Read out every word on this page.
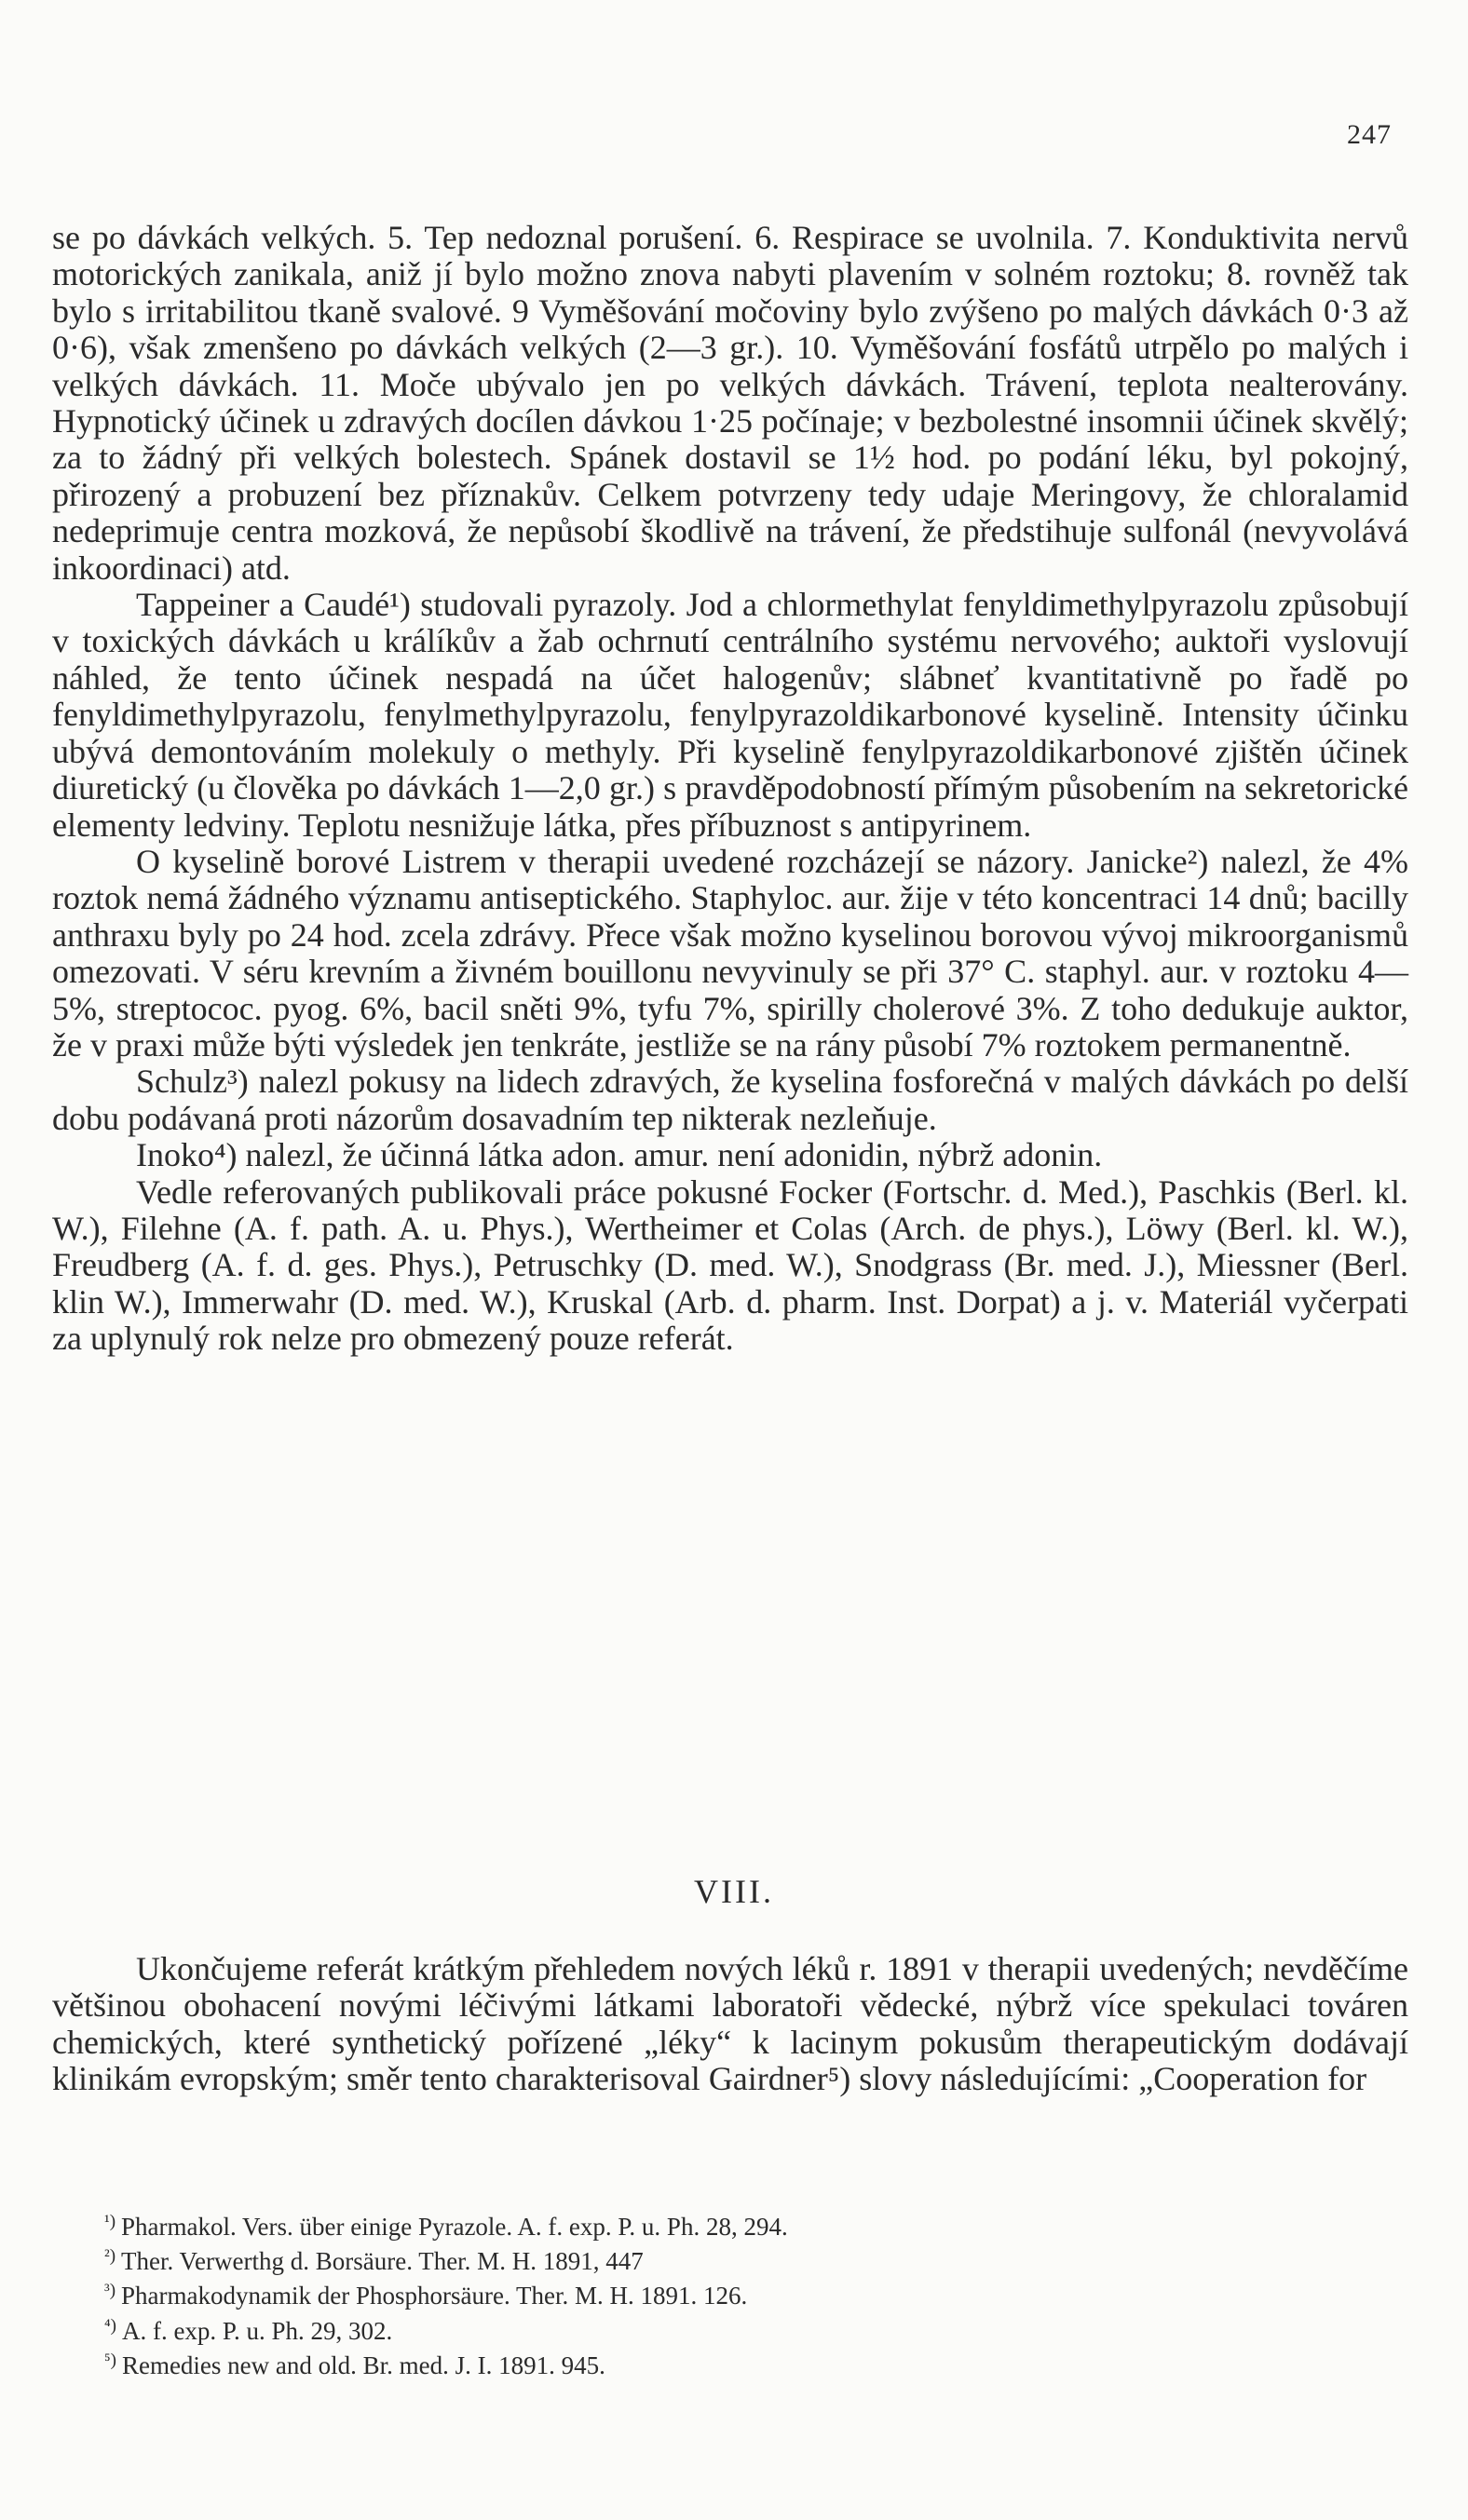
247

se po dávkách velkých. 5. Tep nedoznal porušení. 6. Respirace se uvolnila. 7. Konduktivita nervů motorických zanikala, aniž jí bylo možno znova nabyti plavením v solném roztoku; 8. rovněž tak bylo s irritabilitou tkaně svalové. 9 Vyměšování močoviny bylo zvýšeno po malých dávkách 0·3 až 0·6), však zmenšeno po dávkách velkých (2—3 gr.). 10. Vyměšování fosfátů utrpělo po malých i velkých dávkách. 11. Moče ubývalo jen po velkých dávkách. Trávení, teplota nealterovány. Hypnotický účinek u zdravých docílen dávkou 1·25 počínaje; v bezbolestné insomnii účinek skvělý; za to žádný při velkých bolestech. Spánek dostavil se 1½ hod. po podání léku, byl pokojný, přirozený a probuzení bez příznakův. Celkem potvrzeny tedy udaje Meringovy, že chloralamid nedeprimuje centra mozková, že nepůsobí škodlivě na trávení, že předstihuje sulfonál (nevyvolává inkoordinaci) atd.

Tappeiner a Caudé¹) studovali pyrazoly. Jod a chlormethylat fenyldimethylpyrazolu způsobují v toxických dávkách u králíkův a žab ochrnutí centrálního systému nervového; auktoři vyslovují náhled, že tento účinek nespadá na účet halogenův; slábneť kvantitativně po řadě po fenyldimethylpyrazolu, fenylmethylpyrazolu, fenylpyrazoldikarbonové kyselině. Intensity účinku ubývá demontováním molekuly o methyly. Při kyselině fenylpyrazoldikarbonové zjištěn účinek diuretický (u člověka po dávkách 1—2,0 gr.) s pravděpodobností přímým působením na sekretorické elementy ledviny. Teplotu nesnižuje látka, přes příbuznost s antipyrinem.

O kyselině borové Listrem v therapii uvedené rozcházejí se názory. Janicke²) nalezl, že 4% roztok nemá žádného významu antiseptického. Staphyloc. aur. žije v této koncentraci 14 dnů; bacilly anthraxu byly po 24 hod. zcela zdrávy. Přece však možno kyselinou borovou vývoj mikroorganismů omezovati. V séru krevním a živném bouillonu nevyvinuly se při 37° C. staphyl. aur. v roztoku 4—5%, streptococ. pyog. 6%, bacil sněti 9%, tyfu 7%, spirilly cholerové 3%. Z toho dedukuje auktor, že v praxi může býti výsledek jen tenkráte, jestliže se na rány působí 7% roztokem permanentně.

Schulz³) nalezl pokusy na lidech zdravých, že kyselina fosforečná v malých dávkách po delší dobu podávaná proti názorům dosavadním tep nikterak nezleňuje.

Inoko⁴) nalezl, že účinná látka adon. amur. není adonidin, nýbrž adonin.

Vedle referovaných publikovali práce pokusné Focker (Fortschr. d. Med.), Paschkis (Berl. kl. W.), Filehne (A. f. path. A. u. Phys.), Wertheimer et Colas (Arch. de phys.), Löwy (Berl. kl. W.), Freudberg (A. f. d. ges. Phys.), Petruschky (D. med. W.), Snodgrass (Br. med. J.), Miessner (Berl. klin W.), Immerwahr (D. med. W.), Kruskal (Arb. d. pharm. Inst. Dorpat) a j. v. Materiál vyčerpati za uplynulý rok nelze pro obmezený pouze referát.

VIII.

Ukončujeme referát krátkým přehledem nových léků r. 1891 v therapii uvedených; nevděčíme většinou obohacení novými léčivými látkami laboratoři vědecké, nýbrž více spekulaci továren chemických, které synthetický pořízené „léky“ k lacinym pokusům therapeutickým dodávají klinikám evropským; směr tento charakterisoval Gairdner⁵) slovy následujícími: „Cooperation for

$^{^1)}$ Pharmakol. Vers. über einige Pyrazole. A. f. exp. P. u. Ph. 28, 294.

$^{^2)}$ Ther. Verwerthg d. Borsäure. Ther. M. H. 1891, 447

$^{^3)}$ Pharmakodynamik der Phosphorsäure. Ther. M. H. 1891. 126.

$^{^4)}$ A. f. exp. P. u. Ph. 29, 302.

$^{^5)}$ Remedies new and old. Br. med. J. I. 1891. 945.
